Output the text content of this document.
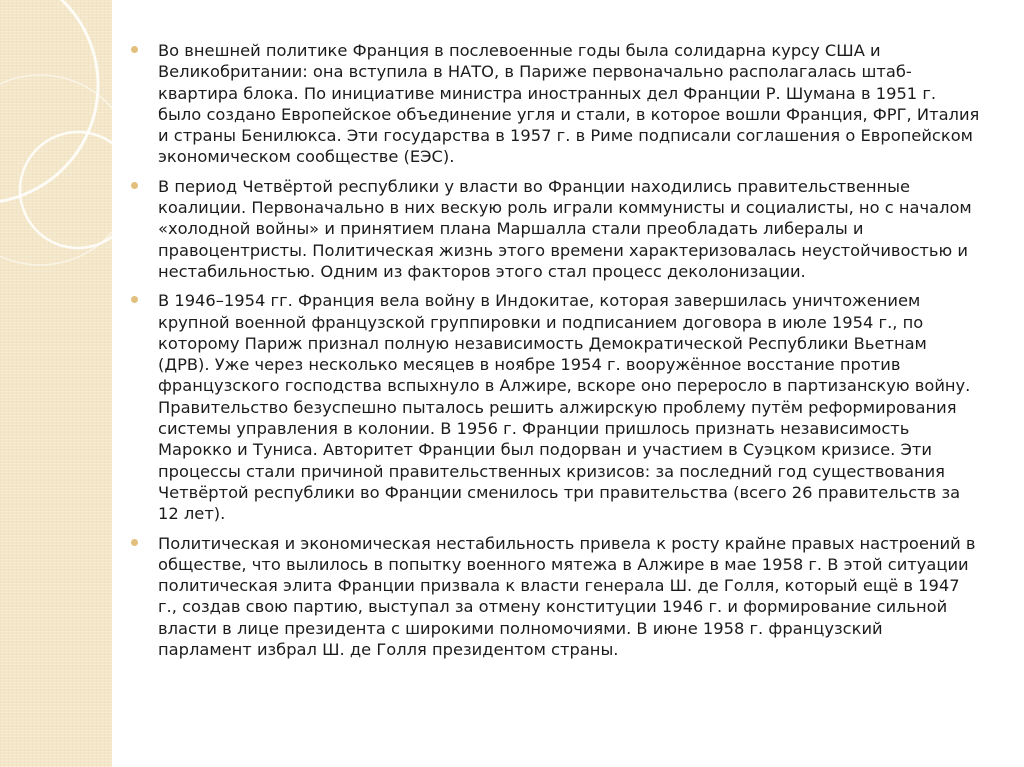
Во внешней политике Франция в послевоенные годы была солидарна курсу США и Великобритании: она вступила в НАТО, в Париже первоначально располагалась штаб-квартира блока. По инициативе министра иностранных дел Франции Р. Шумана в 1951 г. было создано Европейское объединение угля и стали, в которое вошли Франция, ФРГ, Италия и страны Бенилюкса. Эти государства в 1957 г. в Риме подписали соглашения о Европейском экономическом сообществе (ЕЭС).
В период Четвёртой республики у власти во Франции находились правительственные коалиции. Первоначально в них вескую роль играли коммунисты и социалисты, но с началом «холодной войны» и принятием плана Маршалла стали преобладать либералы и правоцентристы. Политическая жизнь этого времени характеризовалась неустойчивостью и нестабильностью. Одним из факторов этого стал процесс деколонизации.
В 1946–1954 гг. Франция вела войну в Индокитае, которая завершилась уничтожением крупной военной французской группировки и подписанием договора в июле 1954 г., по которому Париж признал полную независимость Демократической Республики Вьетнам (ДРВ). Уже через несколько месяцев в ноябре 1954 г. вооружённое восстание против французского господства вспыхнуло в Алжире, вскоре оно переросло в партизанскую войну. Правительство безуспешно пыталось решить алжирскую проблему путём реформирования системы управления в колонии. В 1956 г. Франции пришлось признать независимость Марокко и Туниса. Авторитет Франции был подорван и участием в Суэцком кризисе. Эти процессы стали причиной правительственных кризисов: за последний год существования Четвёртой республики во Франции сменилось три правительства (всего 26 правительств за 12 лет).
Политическая и экономическая нестабильность привела к росту крайне правых настроений в обществе, что вылилось в попытку военного мятежа в Алжире в мае 1958 г. В этой ситуации политическая элита Франции призвала к власти генерала Ш. де Голля, который ещё в 1947 г., создав свою партию, выступал за отмену конституции 1946 г. и формирование сильной власти в лице президента с широкими полномочиями. В июне 1958 г. французский парламент избрал Ш. де Голля президентом страны.
